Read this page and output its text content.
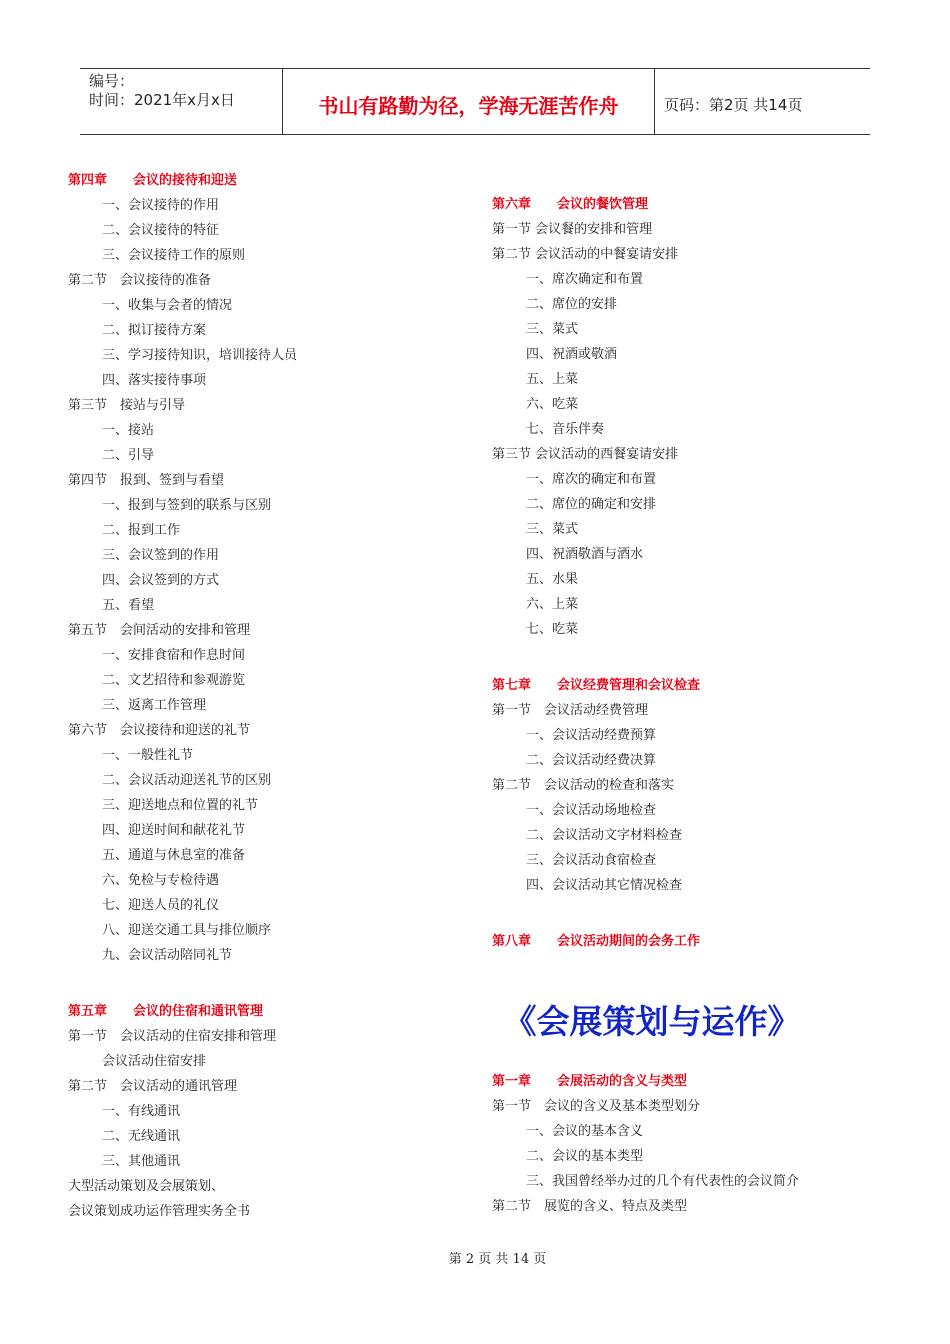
编号：
时间：2021年x月x日	书山有路勤为径，学海无涯苦作舟	页码：第2页 共14页
第四章　　会议的接待和迎送
一、会议接待的作用
二、会议接待的特征
三、会议接待工作的原则
第二节　会议接待的准备
一、收集与会者的情况
二、拟订接待方案
三、学习接待知识，培训接待人员
四、落实接待事项
第三节　接站与引导
一、接站
二、引导
第四节　报到、签到与看望
一、报到与签到的联系与区别
二、报到工作
三、会议签到的作用
四、会议签到的方式
五、看望
第五节　会间活动的安排和管理
一、安排食宿和作息时间
二、文艺招待和参观游览
三、返离工作管理
第六节　会议接待和迎送的礼节
一、一般性礼节
二、会议活动迎送礼节的区别
三、迎送地点和位置的礼节
四、迎送时间和献花礼节
五、通道与休息室的准备
六、免检与专检待遇
七、迎送人员的礼仪
八、迎送交通工具与排位顺序
九、会议活动陪同礼节
第五章　　会议的住宿和通讯管理
第一节　会议活动的住宿安排和管理
会议活动住宿安排
第二节　会议活动的通讯管理
一、有线通讯
二、无线通讯
三、其他通讯
大型活动策划及会展策划、
会议策划成功运作管理实务全书
第六章　　会议的餐饮管理
第一节 会议餐的安排和管理
第二节 会议活动的中餐宴请安排
一、席次确定和布置
二、席位的安排
三、菜式
四、祝酒或敬酒
五、上菜
六、吃菜
七、音乐伴奏
第三节 会议活动的西餐宴请安排
一、席次的确定和布置
二、席位的确定和安排
三、菜式
四、祝酒敬酒与酒水
五、水果
六、上菜
七、吃菜
第七章　　会议经费管理和会议检查
第一节　会议活动经费管理
一、会议活动经费预算
二、会议活动经费决算
第二节　会议活动的检查和落实
一、会议活动场地检查
二、会议活动文字材料检查
三、会议活动食宿检查
四、会议活动其它情况检查
第八章　　会议活动期间的会务工作
《会展策划与运作》
第一章　　会展活动的含义与类型
第一节　会议的含义及基本类型划分
一、会议的基本含义
二、会议的基本类型
三、我国曾经举办过的几个有代表性的会议简介
第二节　展览的含义、特点及类型
第 2 页 共 14 页
